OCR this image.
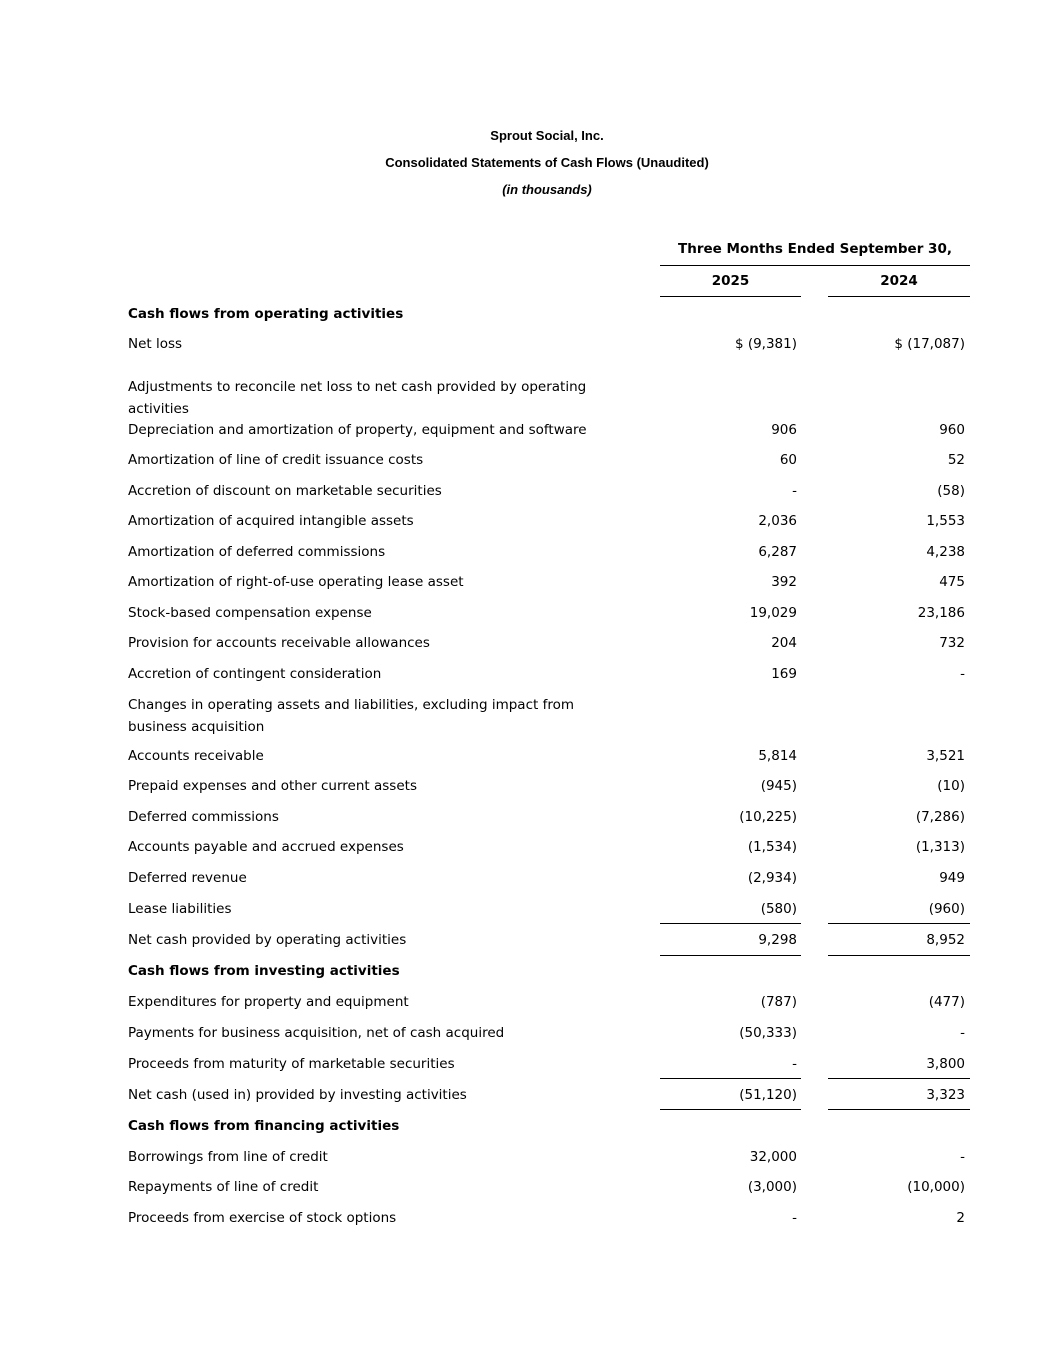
Sprout Social, Inc.
Consolidated Statements of Cash Flows (Unaudited)
(in thousands)
Three Months Ended September 30,
2025	2024
Cash flows from operating activities
Net loss	$ (9,381)	$ (17,087)
Adjustments to reconcile net loss to net cash provided by operating activities
Depreciation and amortization of property, equipment and software	906	960
Amortization of line of credit issuance costs	60	52
Accretion of discount on marketable securities	-	(58)
Amortization of acquired intangible assets	2,036	1,553
Amortization of deferred commissions	6,287	4,238
Amortization of right-of-use operating lease asset	392	475
Stock-based compensation expense	19,029	23,186
Provision for accounts receivable allowances	204	732
Accretion of contingent consideration	169	-
Changes in operating assets and liabilities, excluding impact from business acquisition
Accounts receivable	5,814	3,521
Prepaid expenses and other current assets	(945)	(10)
Deferred commissions	(10,225)	(7,286)
Accounts payable and accrued expenses	(1,534)	(1,313)
Deferred revenue	(2,934)	949
Lease liabilities	(580)	(960)
Net cash provided by operating activities	9,298	8,952
Cash flows from investing activities
Expenditures for property and equipment	(787)	(477)
Payments for business acquisition, net of cash acquired	(50,333)	-
Proceeds from maturity of marketable securities	-	3,800
Net cash (used in) provided by investing activities	(51,120)	3,323
Cash flows from financing activities
Borrowings from line of credit	32,000	-
Repayments of line of credit	(3,000)	(10,000)
Proceeds from exercise of stock options	-	2
